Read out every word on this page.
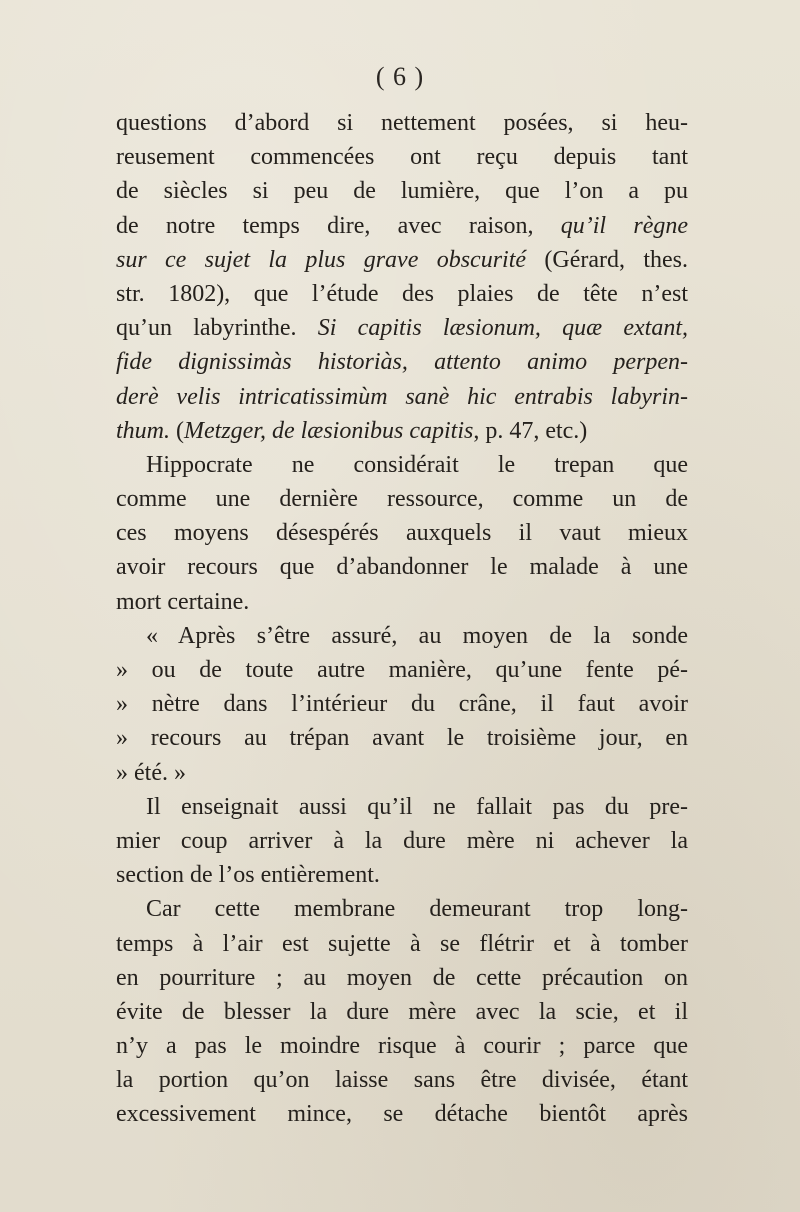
( 6 )
questions d’abord si nettement posées, si heu-
reusement commencées ont reçu depuis tant
de siècles si peu de lumière, que l’on a pu
de notre temps dire, avec raison, qu’il règne
sur ce sujet la plus grave obscurité (Gérard, thes.
str. 1802), que l’étude des plaies de tête n’est
qu’un labyrinthe. Si capitis læsionum, quæ extant,
fide dignissimàs historiàs, attento animo perpen-
derè velis intricatissimùm sanè hic entrabis labyrin-
thum. (Metzger, de læsionibus capitis, p. 47, etc.)
Hippocrate ne considérait le trepan que
comme une dernière ressource, comme un de
ces moyens désespérés auxquels il vaut mieux
avoir recours que d’abandonner le malade à une
mort certaine.
« Après s’être assuré, au moyen de la sonde
» ou de toute autre manière, qu’une fente pé-
» nètre dans l’intérieur du crâne, il faut avoir
» recours au trépan avant le troisième jour, en
» été. »
Il enseignait aussi qu’il ne fallait pas du pre-
mier coup arriver à la dure mère ni achever la
section de l’os entièrement.
Car cette membrane demeurant trop long-
temps à l’air est sujette à se flétrir et à tomber
en pourriture ; au moyen de cette précaution on
évite de blesser la dure mère avec la scie, et il
n’y a pas le moindre risque à courir ; parce que
la portion qu’on laisse sans être divisée, étant
excessivement mince, se détache bientôt après
